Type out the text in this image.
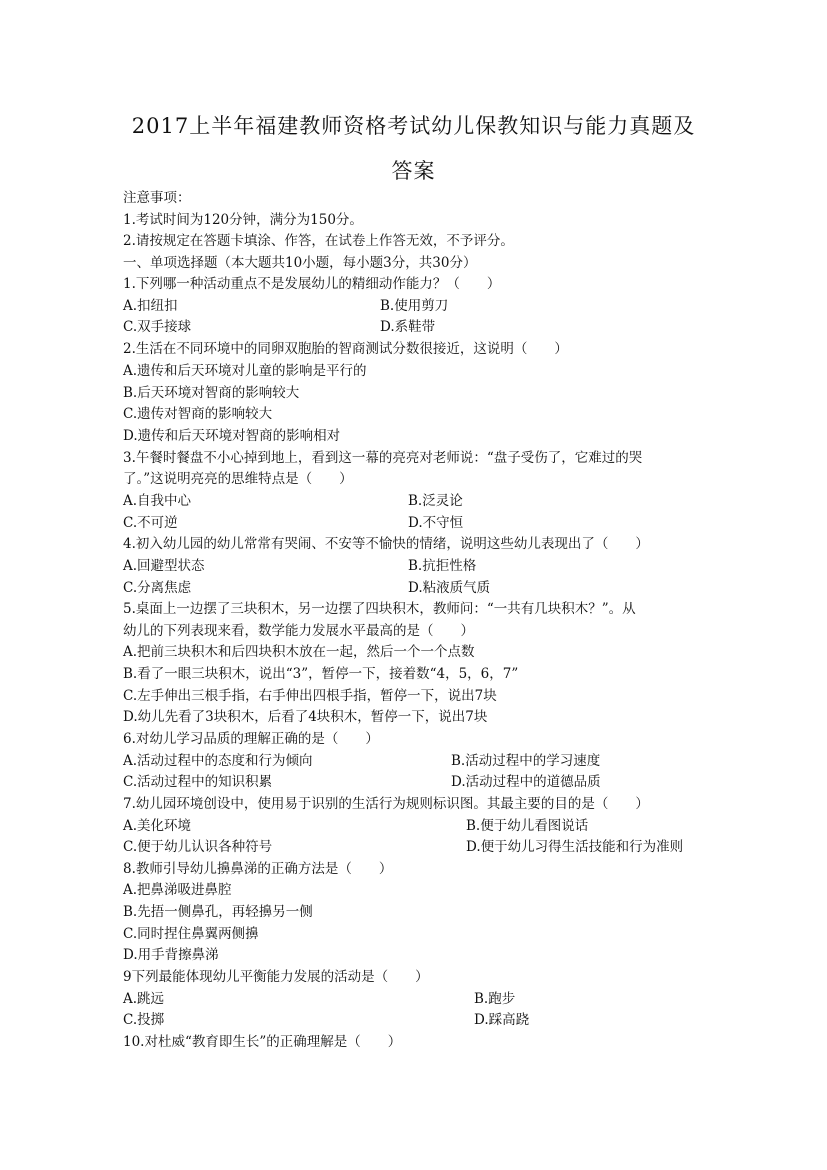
2017上半年福建教师资格考试幼儿保教知识与能力真题及
答案
注意事项：
1.考试时间为120分钟，满分为150分。
2.请按规定在答题卡填涂、作答，在试卷上作答无效，不予评分。
一、单项选择题（本大题共10小题，每小题3分，共30分）
1.下列哪一种活动重点不是发展幼儿的精细动作能力？（　　）
A.扣纽扣	B.使用剪刀
C.双手接球	D.系鞋带
2.生活在不同环境中的同卵双胞胎的智商测试分数很接近，这说明（　　）
A.遗传和后天环境对儿童的影响是平行的
B.后天环境对智商的影响较大
C.遗传对智商的影响较大
D.遗传和后天环境对智商的影响相对
3.午餐时餐盘不小心掉到地上，看到这一幕的亮亮对老师说：“盘子受伤了，它难过的哭
了。”这说明亮亮的思维特点是（　　）
A.自我中心	B.泛灵论
C.不可逆	D.不守恒
4.初入幼儿园的幼儿常常有哭闹、不安等不愉快的情绪，说明这些幼儿表现出了（　　）
A.回避型状态	B.抗拒性格
C.分离焦虑	D.粘液质气质
5.桌面上一边摆了三块积木，另一边摆了四块积木，教师问：“一共有几块积木？”。从
幼儿的下列表现来看，数学能力发展水平最高的是（　　）
A.把前三块积木和后四块积木放在一起，然后一个一个点数
B.看了一眼三块积木，说出“3”，暂停一下，接着数“4，5，6，7”
C.左手伸出三根手指，右手伸出四根手指，暂停一下，说出7块
D.幼儿先看了3块积木，后看了4块积木，暂停一下，说出7块
6.对幼儿学习品质的理解正确的是（　　）
A.活动过程中的态度和行为倾向	B.活动过程中的学习速度
C.活动过程中的知识积累	D.活动过程中的道德品质
7.幼儿园环境创设中，使用易于识别的生活行为规则标识图。其最主要的目的是（　　）
A.美化环境	B.便于幼儿看图说话
C.便于幼儿认识各种符号	D.便于幼儿习得生活技能和行为准则
8.教师引导幼儿擤鼻涕的正确方法是（　　）
A.把鼻涕吸进鼻腔
B.先捂一侧鼻孔，再轻擤另一侧
C.同时捏住鼻翼两侧擤
D.用手背擦鼻涕
9下列最能体现幼儿平衡能力发展的活动是（　　）
A.跳远	B.跑步
C.投掷	D.踩高跷
10.对杜威“教育即生长”的正确理解是（　　）
